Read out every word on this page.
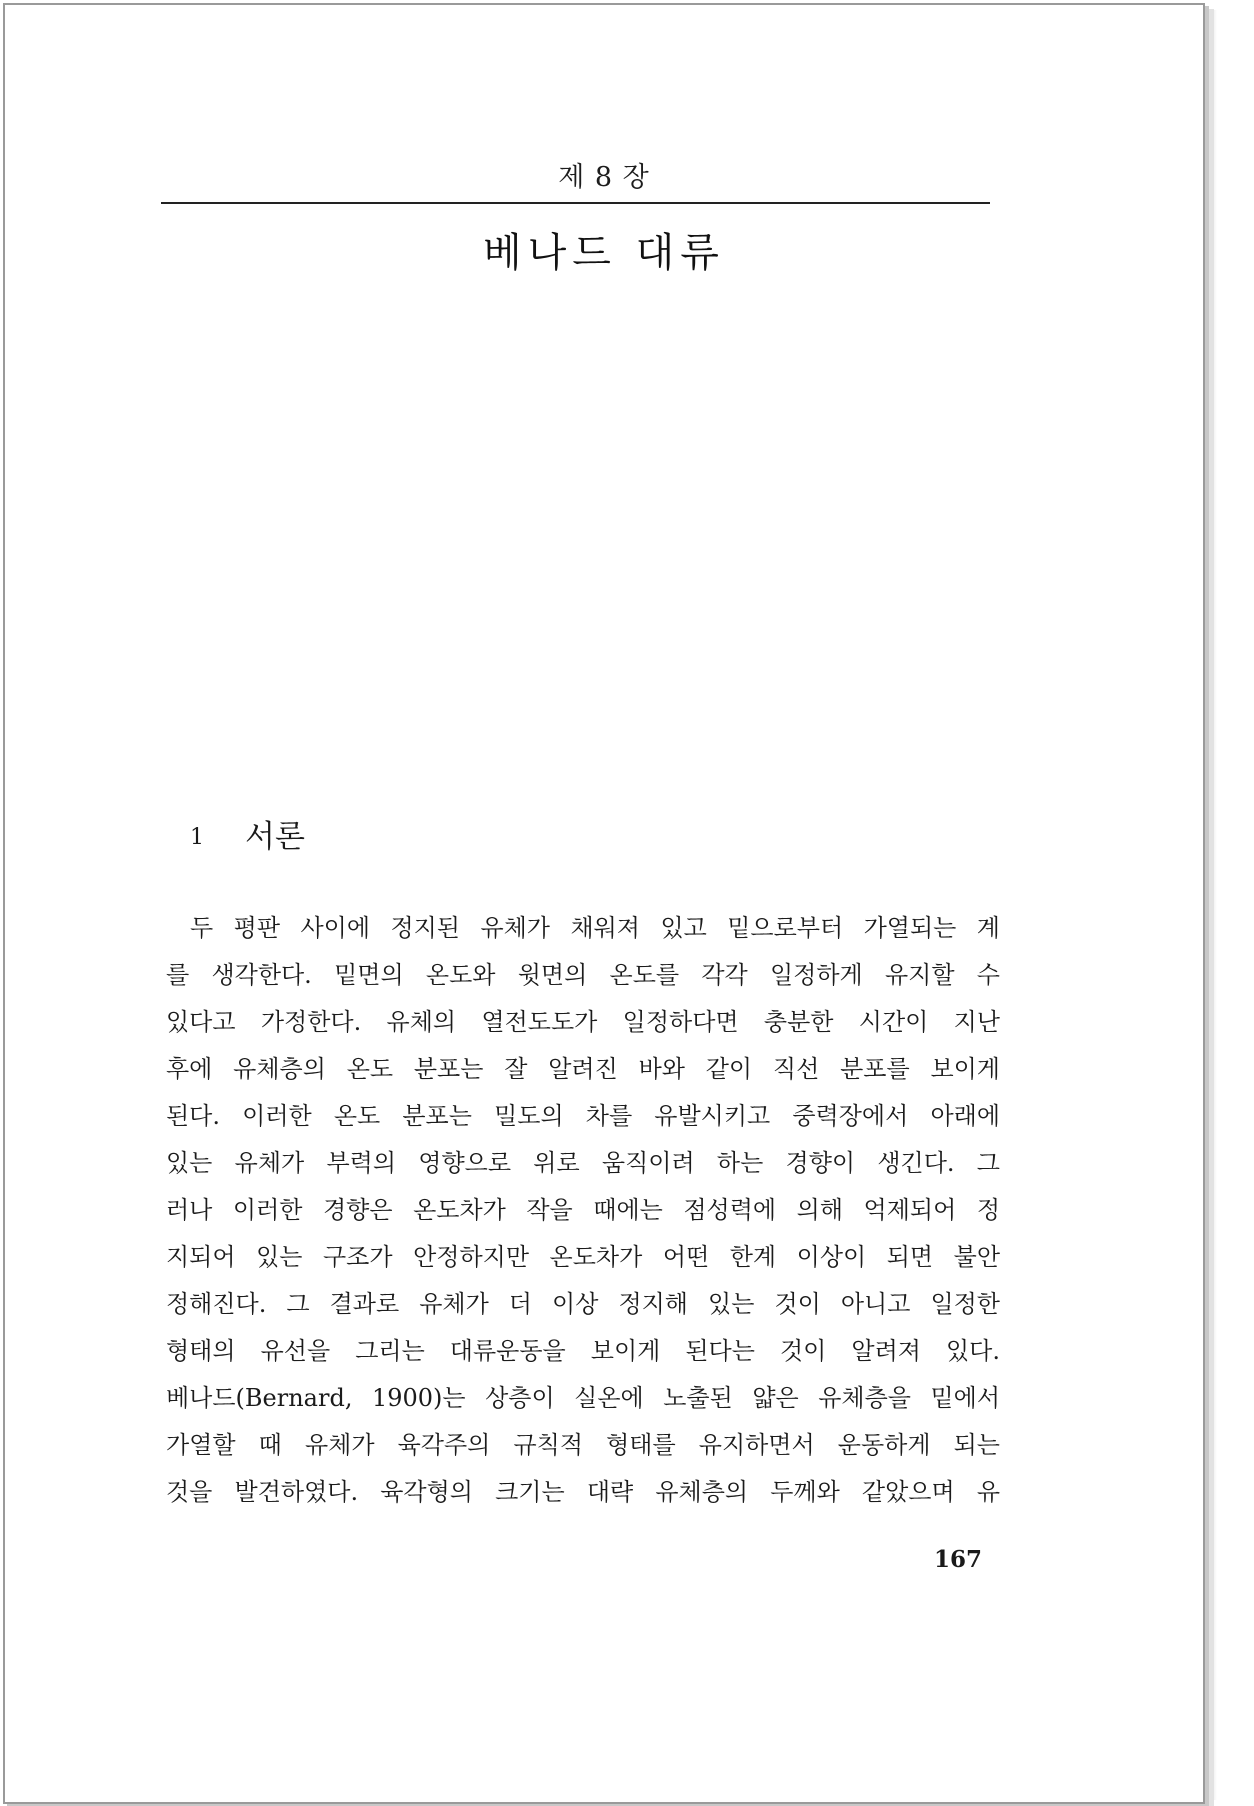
제 8 장
베나드 대류
1 서론
두 평판 사이에 정지된 유체가 채워져 있고 밑으로부터 가열되는 계
를 생각한다. 밑면의 온도와 윗면의 온도를 각각 일정하게 유지할 수
있다고 가정한다. 유체의 열전도도가 일정하다면 충분한 시간이 지난
후에 유체층의 온도 분포는 잘 알려진 바와 같이 직선 분포를 보이게
된다. 이러한 온도 분포는 밀도의 차를 유발시키고 중력장에서 아래에
있는 유체가 부력의 영향으로 위로 움직이려 하는 경향이 생긴다. 그
러나 이러한 경향은 온도차가 작을 때에는 점성력에 의해 억제되어 정
지되어 있는 구조가 안정하지만 온도차가 어떤 한계 이상이 되면 불안
정해진다. 그 결과로 유체가 더 이상 정지해 있는 것이 아니고 일정한
형태의 유선을 그리는 대류운동을 보이게 된다는 것이 알려져 있다.
베나드(Bernard, 1900)는 상층이 실온에 노출된 얇은 유체층을 밑에서
가열할 때 유체가 육각주의 규칙적 형태를 유지하면서 운동하게 되는
것을 발견하였다. 육각형의 크기는 대략 유체층의 두께와 같았으며 유
167
